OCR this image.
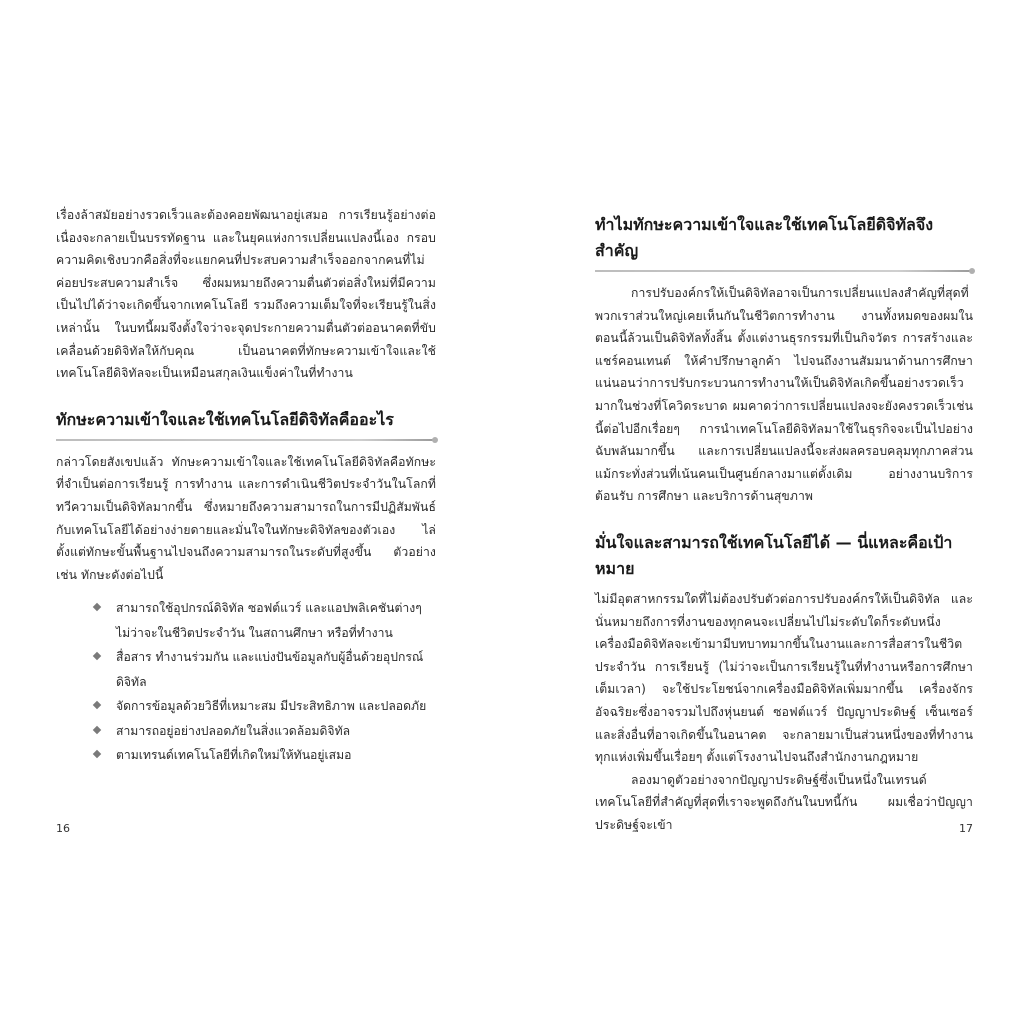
เรื่องล้าสมัยอย่างรวดเร็วและต้องคอยพัฒนาอยู่เสมอ การเรียนรู้อย่างต่อเนื่องจะกลายเป็นบรรทัดฐาน และในยุคแห่งการเปลี่ยนแปลงนี้เอง กรอบความคิดเชิงบวกคือสิ่งที่จะแยกคนที่ประสบความสำเร็จออกจากคนที่ไม่ค่อยประสบความสำเร็จ ซึ่งผมหมายถึงความตื่นตัวต่อสิ่งใหม่ที่มีความเป็นไปได้ว่าจะเกิดขึ้นจากเทคโนโลยี รวมถึงความเต็มใจที่จะเรียนรู้ในสิ่งเหล่านั้น ในบทนี้ผมจึงตั้งใจว่าจะจุดประกายความตื่นตัวต่ออนาคตที่ขับเคลื่อนด้วยดิจิทัลให้กับคุณ เป็นอนาคตที่ทักษะความเข้าใจและใช้เทคโนโลยีดิจิทัลจะเป็นเหมือนสกุลเงินแข็งค่าในที่ทำงาน

ทักษะความเข้าใจและใช้เทคโนโลยีดิจิทัลคืออะไร

กล่าวโดยสังเขปแล้ว ทักษะความเข้าใจและใช้เทคโนโลยีดิจิทัลคือทักษะที่จำเป็นต่อการเรียนรู้ การทำงาน และการดำเนินชีวิตประจำวันในโลกที่ทวีความเป็นดิจิทัลมากขึ้น ซึ่งหมายถึงความสามารถในการมีปฏิสัมพันธ์กับเทคโนโลยีได้อย่างง่ายดายและมั่นใจในทักษะดิจิทัลของตัวเอง ไล่ตั้งแต่ทักษะขั้นพื้นฐานไปจนถึงความสามารถในระดับที่สูงขึ้น ตัวอย่างเช่น ทักษะดังต่อไปนี้

สามารถใช้อุปกรณ์ดิจิทัล ซอฟต์แวร์ และแอปพลิเคชันต่างๆ ไม่ว่าจะในชีวิตประจำวัน ในสถานศึกษา หรือที่ทำงาน
สื่อสาร ทำงานร่วมกัน และแบ่งปันข้อมูลกับผู้อื่นด้วยอุปกรณ์ดิจิทัล
จัดการข้อมูลด้วยวิธีที่เหมาะสม มีประสิทธิภาพ และปลอดภัย
สามารถอยู่อย่างปลอดภัยในสิ่งแวดล้อมดิจิทัล
ตามเทรนด์เทคโนโลยีที่เกิดใหม่ให้ทันอยู่เสมอ
16
ทำไมทักษะความเข้าใจและใช้เทคโนโลยีดิจิทัลจึงสำคัญ

การปรับองค์กรให้เป็นดิจิทัลอาจเป็นการเปลี่ยนแปลงสำคัญที่สุดที่พวกเราส่วนใหญ่เคยเห็นกันในชีวิตการทำงาน งานทั้งหมดของผมในตอนนี้ล้วนเป็นดิจิทัลทั้งสิ้น ตั้งแต่งานธุรกรรมที่เป็นกิจวัตร การสร้างและแชร์คอนเทนต์ ให้คำปรึกษาลูกค้า ไปจนถึงงานสัมมนาด้านการศึกษา แน่นอนว่าการปรับกระบวนการทำงานให้เป็นดิจิทัลเกิดขึ้นอย่างรวดเร็วมากในช่วงที่โควิดระบาด ผมคาดว่าการเปลี่ยนแปลงจะยังคงรวดเร็วเช่นนี้ต่อไปอีกเรื่อยๆ การนำเทคโนโลยีดิจิทัลมาใช้ในธุรกิจจะเป็นไปอย่างฉับพลันมากขึ้น และการเปลี่ยนแปลงนี้จะส่งผลครอบคลุมทุกภาคส่วน แม้กระทั่งส่วนที่เน้นคนเป็นศูนย์กลางมาแต่ดั้งเดิม อย่างงานบริการต้อนรับ การศึกษา และบริการด้านสุขภาพ

มั่นใจและสามารถใช้เทคโนโลยีได้ — นี่แหละคือเป้าหมาย

ไม่มีอุตสาหกรรมใดที่ไม่ต้องปรับตัวต่อการปรับองค์กรให้เป็นดิจิทัล และนั่นหมายถึงการที่งานของทุกคนจะเปลี่ยนไปไม่ระดับใดก็ระดับหนึ่ง เครื่องมือดิจิทัลจะเข้ามามีบทบาทมากขึ้นในงานและการสื่อสารในชีวิตประจำวัน การเรียนรู้ (ไม่ว่าจะเป็นการเรียนรู้ในที่ทำงานหรือการศึกษาเต็มเวลา) จะใช้ประโยชน์จากเครื่องมือดิจิทัลเพิ่มมากขึ้น เครื่องจักรอัจฉริยะซึ่งอาจรวมไปถึงหุ่นยนต์ ซอฟต์แวร์ ปัญญาประดิษฐ์ เซ็นเซอร์ และสิ่งอื่นที่อาจเกิดขึ้นในอนาคต จะกลายมาเป็นส่วนหนึ่งของที่ทำงานทุกแห่งเพิ่มขึ้นเรื่อยๆ ตั้งแต่โรงงานไปจนถึงสำนักงานกฎหมาย

ลองมาดูตัวอย่างจากปัญญาประดิษฐ์ซึ่งเป็นหนึ่งในเทรนด์เทคโนโลยีที่สำคัญที่สุดที่เราจะพูดถึงกันในบทนี้กัน ผมเชื่อว่าปัญญาประดิษฐ์จะเข้า	17
